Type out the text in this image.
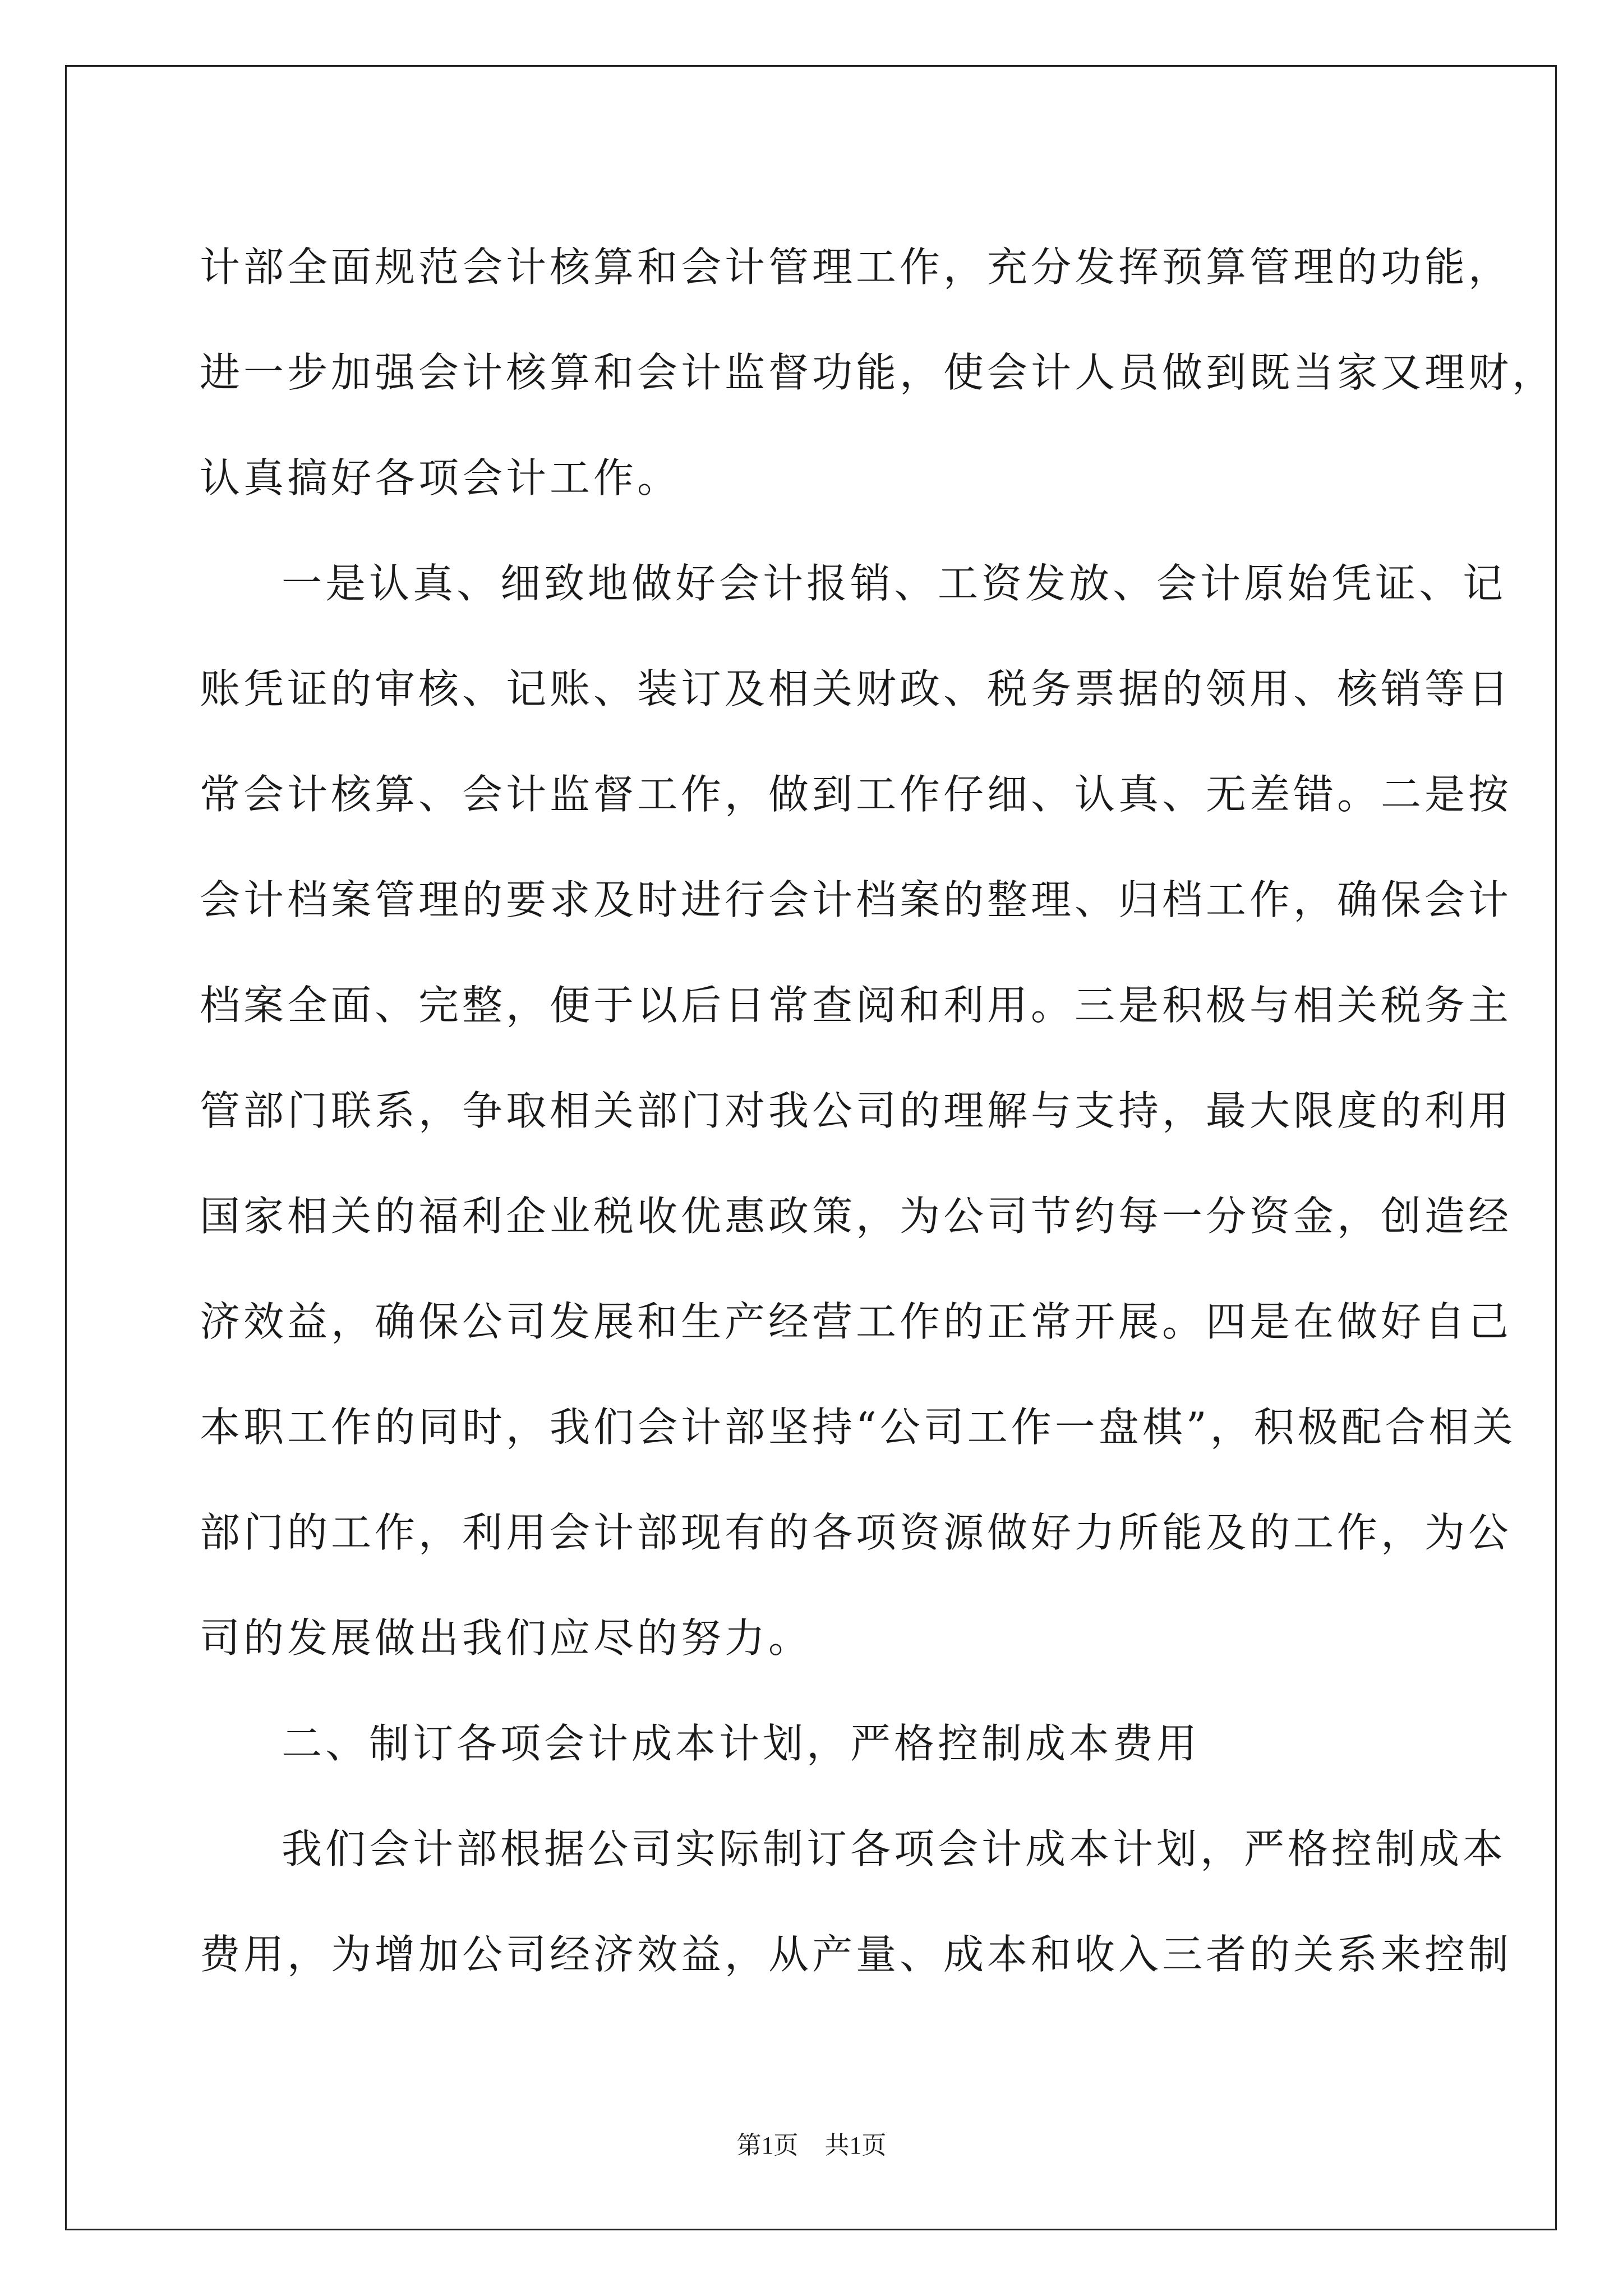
计部全面规范会计核算和会计管理工作，充分发挥预算管理的功能，
进一步加强会计核算和会计监督功能，使会计人员做到既当家又理财，
认真搞好各项会计工作。
一是认真、细致地做好会计报销、工资发放、会计原始凭证、记
账凭证的审核、记账、装订及相关财政、税务票据的领用、核销等日
常会计核算、会计监督工作，做到工作仔细、认真、无差错。二是按
会计档案管理的要求及时进行会计档案的整理、归档工作，确保会计
档案全面、完整，便于以后日常查阅和利用。三是积极与相关税务主
管部门联系，争取相关部门对我公司的理解与支持，最大限度的利用
国家相关的福利企业税收优惠政策，为公司节约每一分资金，创造经
济效益，确保公司发展和生产经营工作的正常开展。四是在做好自己
本职工作的同时，我们会计部坚持“公司工作一盘棋”，积极配合相关
部门的工作，利用会计部现有的各项资源做好力所能及的工作，为公
司的发展做出我们应尽的努力。
二、制订各项会计成本计划，严格控制成本费用
我们会计部根据公司实际制订各项会计成本计划，严格控制成本
费用，为增加公司经济效益，从产量、成本和收入三者的关系来控制
第1页 共1页
